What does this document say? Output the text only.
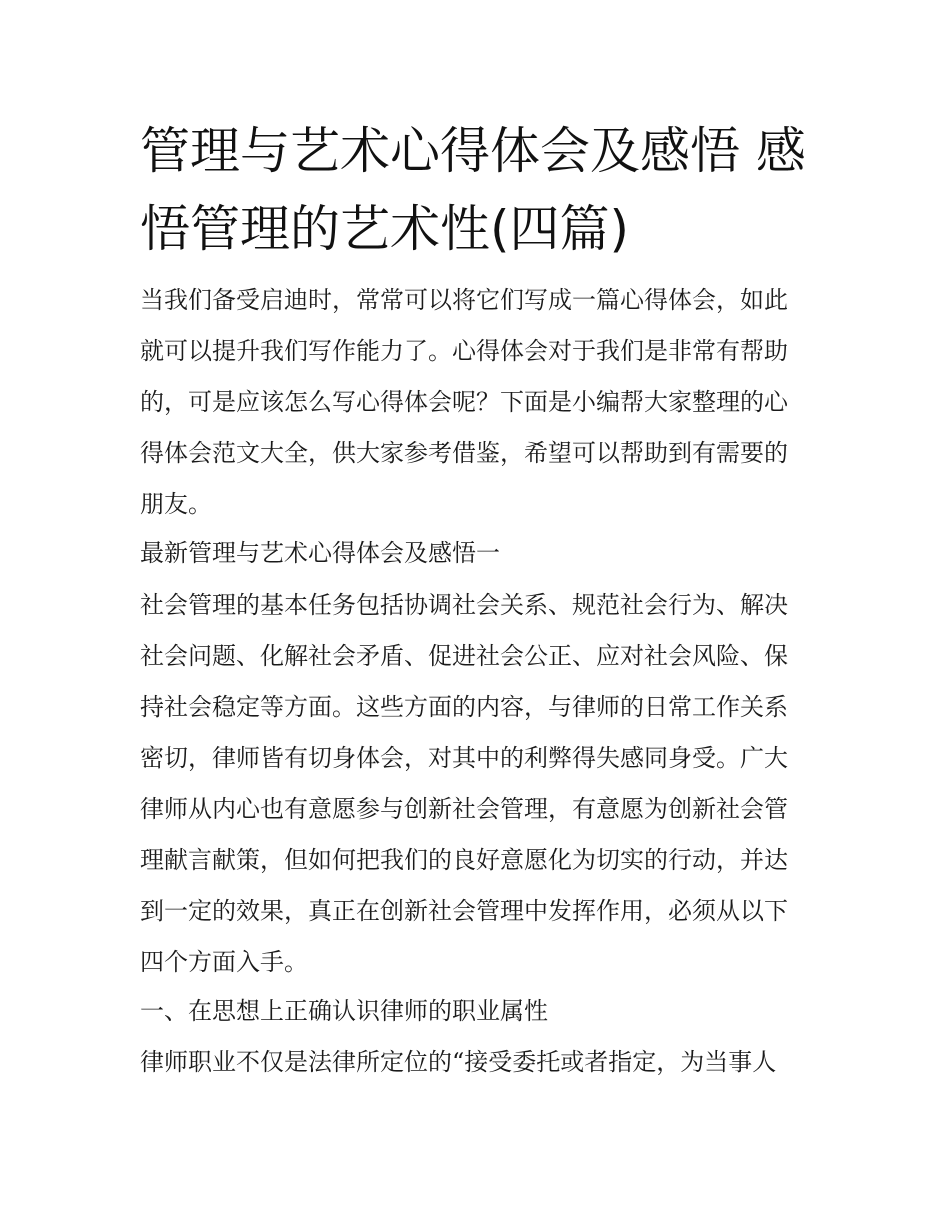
管理与艺术心得体会及感悟 感
悟管理的艺术性(四篇)
当我们备受启迪时，常常可以将它们写成一篇心得体会，如此
就可以提升我们写作能力了。心得体会对于我们是非常有帮助
的，可是应该怎么写心得体会呢？下面是小编帮大家整理的心
得体会范文大全，供大家参考借鉴，希望可以帮助到有需要的
朋友。
最新管理与艺术心得体会及感悟一
社会管理的基本任务包括协调社会关系、规范社会行为、解决
社会问题、化解社会矛盾、促进社会公正、应对社会风险、保
持社会稳定等方面。这些方面的内容，与律师的日常工作关系
密切，律师皆有切身体会，对其中的利弊得失感同身受。广大
律师从内心也有意愿参与创新社会管理，有意愿为创新社会管
理献言献策，但如何把我们的良好意愿化为切实的行动，并达
到一定的效果，真正在创新社会管理中发挥作用，必须从以下
四个方面入手。
一、在思想上正确认识律师的职业属性
律师职业不仅是法律所定位的“接受委托或者指定，为当事人
